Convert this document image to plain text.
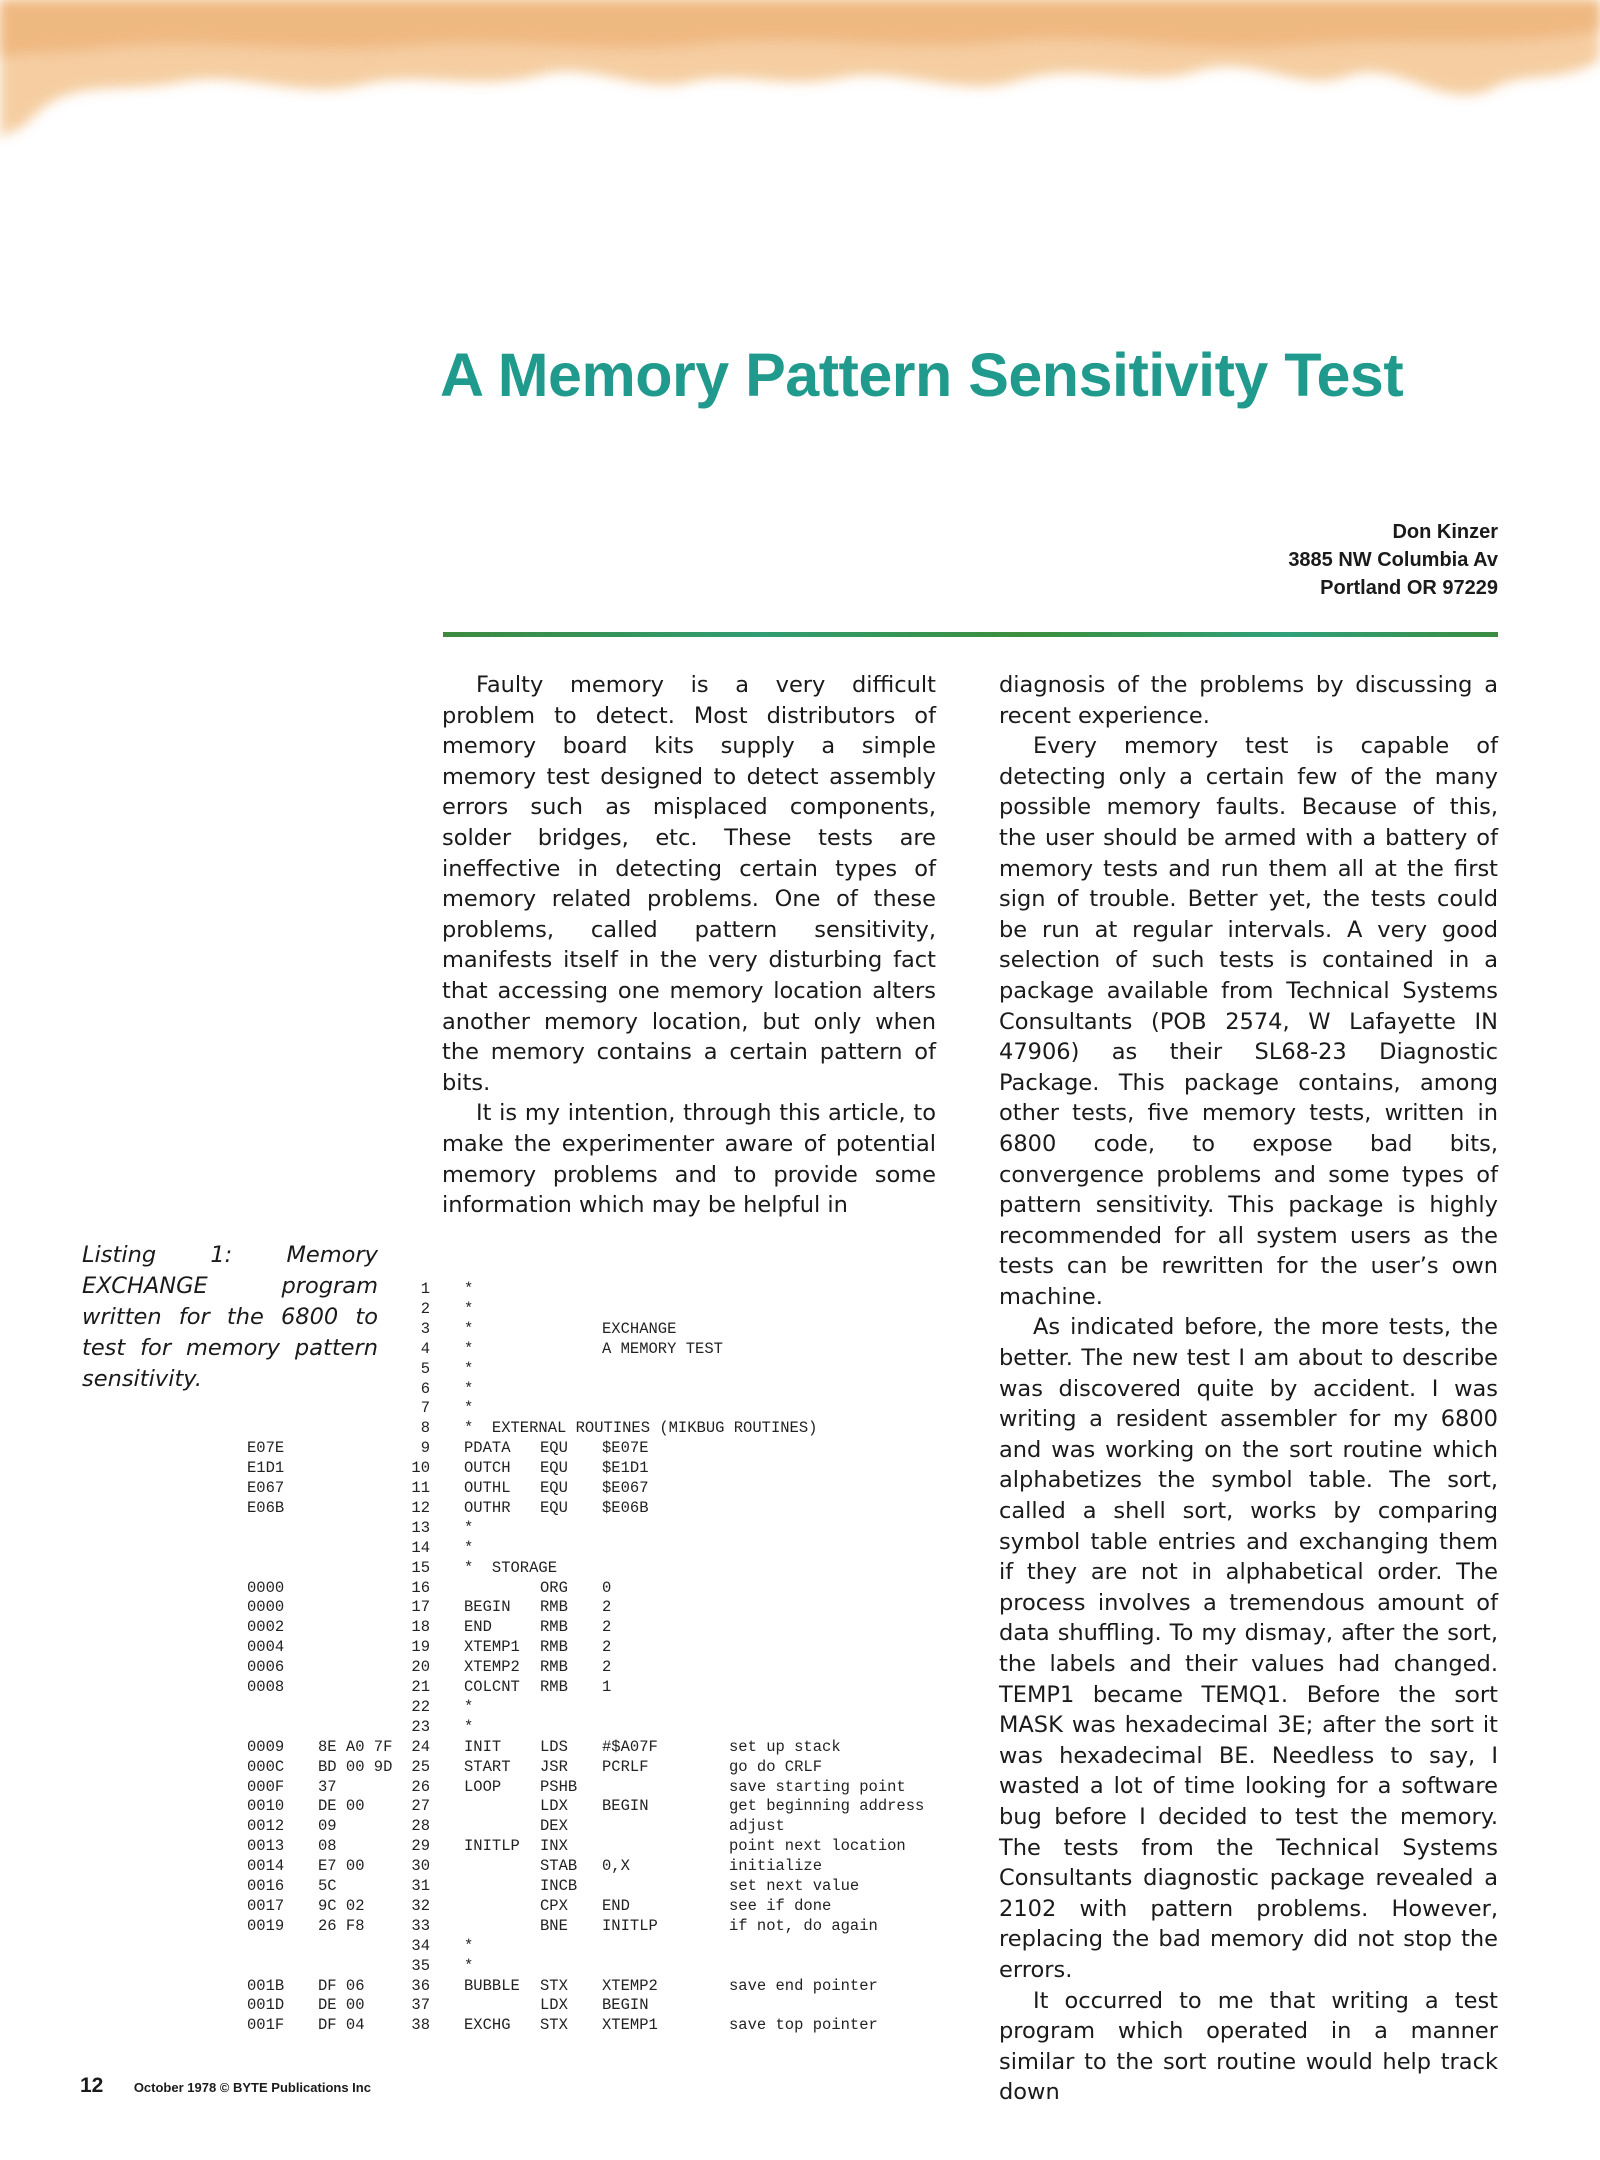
A Memory Pattern Sensitivity Test
Don Kinzer
3885 NW Columbia Av
Portland OR 97229

Faulty memory is a very difficult problem to detect. Most distributors of memory board kits supply a simple memory test designed to detect assembly errors such as misplaced components, solder bridges, etc. These tests are ineffective in detecting certain types of memory related problems. One of these problems, called pattern sensitivity, manifests itself in the very disturbing fact that accessing one memory location alters another memory location, but only when the memory contains a certain pattern of bits.

It is my intention, through this article, to make the experimenter aware of potential memory problems and to provide some information which may be helpful in

diagnosis of the problems by discussing a recent experience.

Every memory test is capable of detecting only a certain few of the many possible memory faults. Because of this, the user should be armed with a battery of memory tests and run them all at the first sign of trouble. Better yet, the tests could be run at regular intervals. A very good selection of such tests is contained in a package available from Technical Systems Consultants (POB 2574, W Lafayette IN 47906) as their SL68-23 Diagnostic Package. This package contains, among other tests, five memory tests, written in 6800 code, to expose bad bits, convergence problems and some types of pattern sensitivity. This package is highly recommended for all system users as the tests can be rewritten for the user’s own machine.

As indicated before, the more tests, the better. The new test I am about to describe was discovered quite by accident. I was writing a resident assembler for my 6800 and was working on the sort routine which alphabetizes the symbol table. The sort, called a shell sort, works by comparing symbol table entries and exchanging them if they are not in alphabetical order. The process involves a tremendous amount of data shuffling. To my dismay, after the sort, the labels and their values had changed. TEMP1 became TEMQ1. Before the sort MASK was hexadecimal 3E; after the sort it was hexadecimal BE. Needless to say, I wasted a lot of time looking for a software bug before I decided to test the memory. The tests from the Technical Systems Consultants diagnostic package revealed a 2102 with pattern problems. However, replacing the bad memory did not stop the errors.

It occurred to me that writing a test program which operated in a manner similar to the sort routine would help track down

Listing 1: Memory EXCHANGE program written for the 6800 to test for memory pattern sensitivity.
1 *
2 *
3 *	EXCHANGE
4 *	A MEMORY TEST
5 *
6 *
7 *
8 *  EXTERNAL ROUTINES (MIKBUG ROUTINES)
E07E	9 PDATA EQU $E07E
E1D1	10 OUTCH EQU $E1D1
E067	11 OUTHL EQU $E067
E06B	12 OUTHR EQU $E06B
13 *
14 *
15 *  STORAGE
0000	16	ORG 0
0000	17 BEGIN RMB 2
0002	18 END	RMB 2
0004	19 XTEMP1 RMB 2
0006	20 XTEMP2 RMB 2
0008	21 COLCNT RMB 1
22 *
23 *
0009 8E A0 7F	24 INIT	LDS #$A07F	set up stack
000C BD 00 9D	25 START JSR PCRLF	go do CRLF
000F 37	26 LOOP	PSHB	save starting point
0010 DE 00	27	LDX BEGIN	get beginning address
0012 09	28	DEX	adjust
0013 08	29 INITLP INX	point next location
0014 E7 00	30	STAB 0,X	initialize
0016 5C	31	INCB	set next value
0017 9C 02	32	CPX END	see if done
0019 26 F8	33	BNE INITLP	if not, do again
34 *
35 *
001B DF 06	36 BUBBLE STX XTEMP2	save end pointer
001D DE 00	37	LDX BEGIN
001F DF 04	38 EXCHG STX XTEMP1	save top pointer
12 October 1978 © BYTE Publications Inc
